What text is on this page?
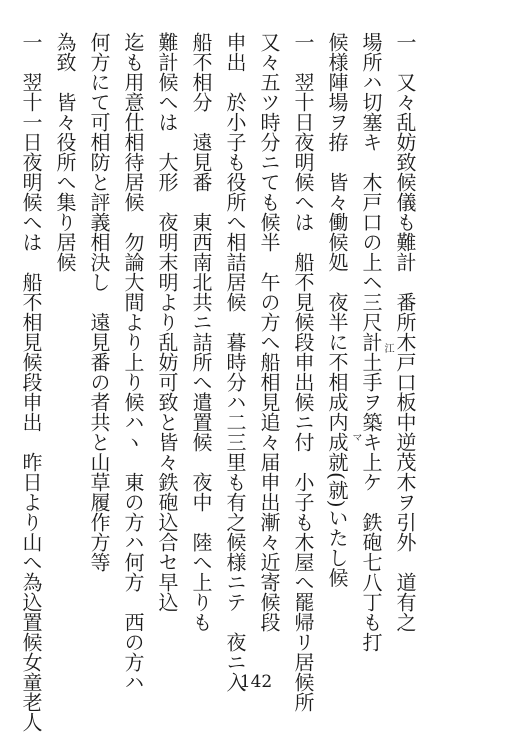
一　又々乱妨致候儀も難計　番所木戸口板中逆茂木ヲ引外　道有之
場所ハ切塞キ　木戸口の上ヘ三尺計土手ヲ築キ上ケ　鉄砲七八丁も打
候様陣場ヲ拵　皆々働候処　夜半に不相成内成就(就)いたし候
一　翌十日夜明候へは　船不見候段申出候ニ付　小子も木屋へ罷帰リ居候所
又々五ツ時分ニても候半　午の方へ船相見追々届申出漸々近寄候段
申出　於小子も役所へ相詰居候　暮時分ハ二三里も有之候様ニテ　夜ニ入
船不相分　遠見番　東西南北共ニ詰所へ遣置候　夜中　陸へ上りも
難計候へは　大形　夜明末明より乱妨可致と皆々鉄砲込合セ早込
迄も用意仕相待居候　勿論大間より上り候ハヽ　東の方ハ何方　西の方ハ
何方にて可相防と評義相決し　遠見番の者共と山草履作方等
為致　皆々役所へ集り居候
一　翌十一日夜明候へは　船不相見候段申出　昨日より山へ為込置候女童老人	江
マ
142
